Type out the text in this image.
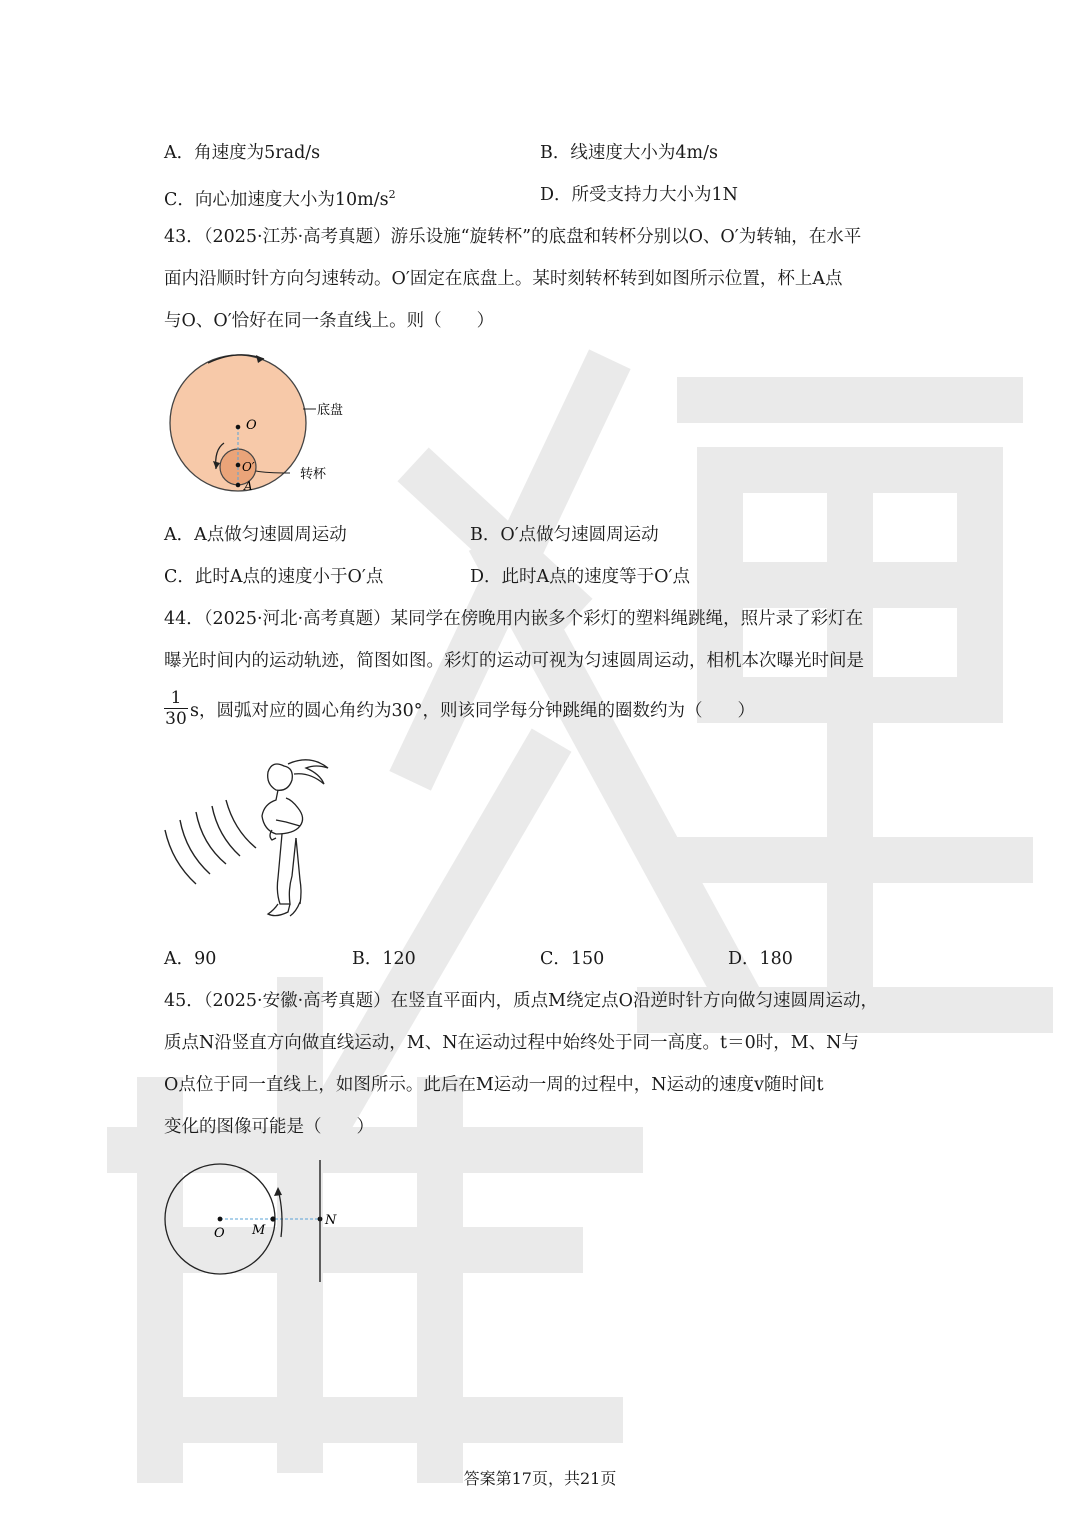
A．角速度为5rad/s	B．线速度大小为4m/s
C．向心加速度大小为$10m/s^2$	D．所受支持力大小为1N
43．（2025·江苏·高考真题）游乐设施“旋转杯”的底盘和转杯分别以O、O′为转轴，在水平
面内沿顺时针方向匀速转动。O′固定在底盘上。某时刻转杯转到如图所示位置，杯上A点
与O、O′恰好在同一条直线上。则（　　）
O
O′
A
底盘
转杯
A．A点做匀速圆周运动	B．O′点做匀速圆周运动
C．此时A点的速度小于O′点	D．此时A点的速度等于O′点
44．（2025·河北·高考真题）某同学在傍晚用内嵌多个彩灯的塑料绳跳绳，照片录了彩灯在
曝光时间内的运动轨迹，简图如图。彩灯的运动可视为匀速圆周运动，相机本次曝光时间是
$\frac{1}{30}$ s，圆弧对应的圆心角约为30°，则该同学每分钟跳绳的圈数约为（　　）
A．90	B．120	C．150	D．180
45．（2025·安徽·高考真题）在竖直平面内，质点M绕定点O沿逆时针方向做匀速圆周运动，
质点N沿竖直方向做直线运动，M、N在运动过程中始终处于同一高度。t＝0时，M、N与
O点位于同一直线上，如图所示。此后在M运动一周的过程中，N运动的速度v随时间t
变化的图像可能是（　　）
O M
N
答案第17页，共21页
